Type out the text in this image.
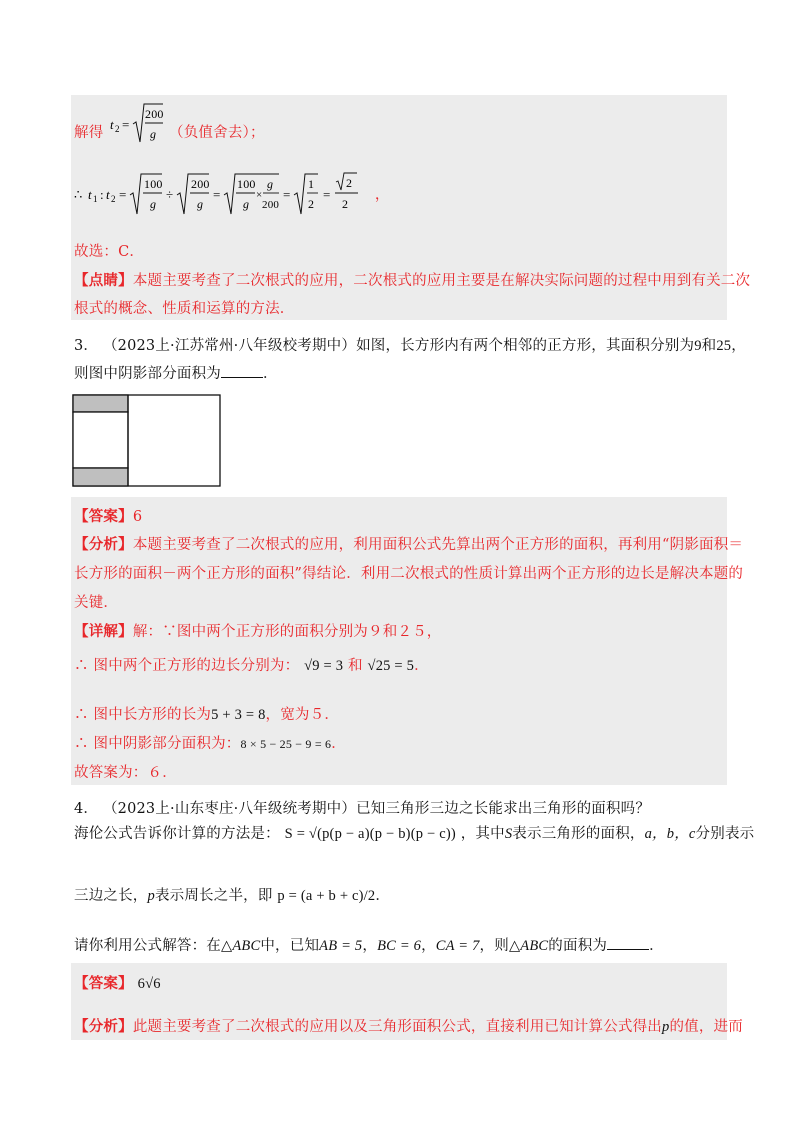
解得
t 2 =
200
g （负值舍去）；
∴ t 1 : t 2 =
100
g
÷
200
g
=
100
g
×
g
200
=
1
2
=
2
2
，
故选：C．
【点睛】本题主要考查了二次根式的应用，二次根式的应用主要是在解决实际问题的过程中用到有关二次
根式的概念、性质和运算的方法．
3． （2023上·江苏常州·八年级校考期中）如图，长方形内有两个相邻的正方形，其面积分别为9和25，
则图中阴影部分面积为	．
【答案】6
【分析】本题主要考查了二次根式的应用，利用面积公式先算出两个正方形的面积，再利用“阴影面积＝
长方形的面积－两个正方形的面积”得结论．利用二次根式的性质计算出两个正方形的边长是解决本题的
关键．
【详解】解：∵图中两个正方形的面积分别为９和２５，
∴ 图中两个正方形的边长分别为： √9 = 3 和 √25 = 5．
∴ 图中长方形的长为5 + 3 = 8，宽为５．
∴ 图中阴影部分面积为：8 × 5 − 25 − 9 = 6．
故答案为：６．
4． （2023上·山东枣庄·八年级统考期中）已知三角形三边之长能求出三角形的面积吗？
海伦公式告诉你计算的方法是： S = √(p(p − a)(p − b)(p − c)) ，其中S表示三角形的面积，a，b，c分别表示
三边之长，p表示周长之半，即 p = (a + b + c)/2．
请你利用公式解答：在△ABC中，已知AB = 5，BC = 6，CA = 7，则△ABC的面积为	．
【答案】 6√6
【分析】此题主要考查了二次根式的应用以及三角形面积公式，直接利用已知计算公式得出p的值，进而
